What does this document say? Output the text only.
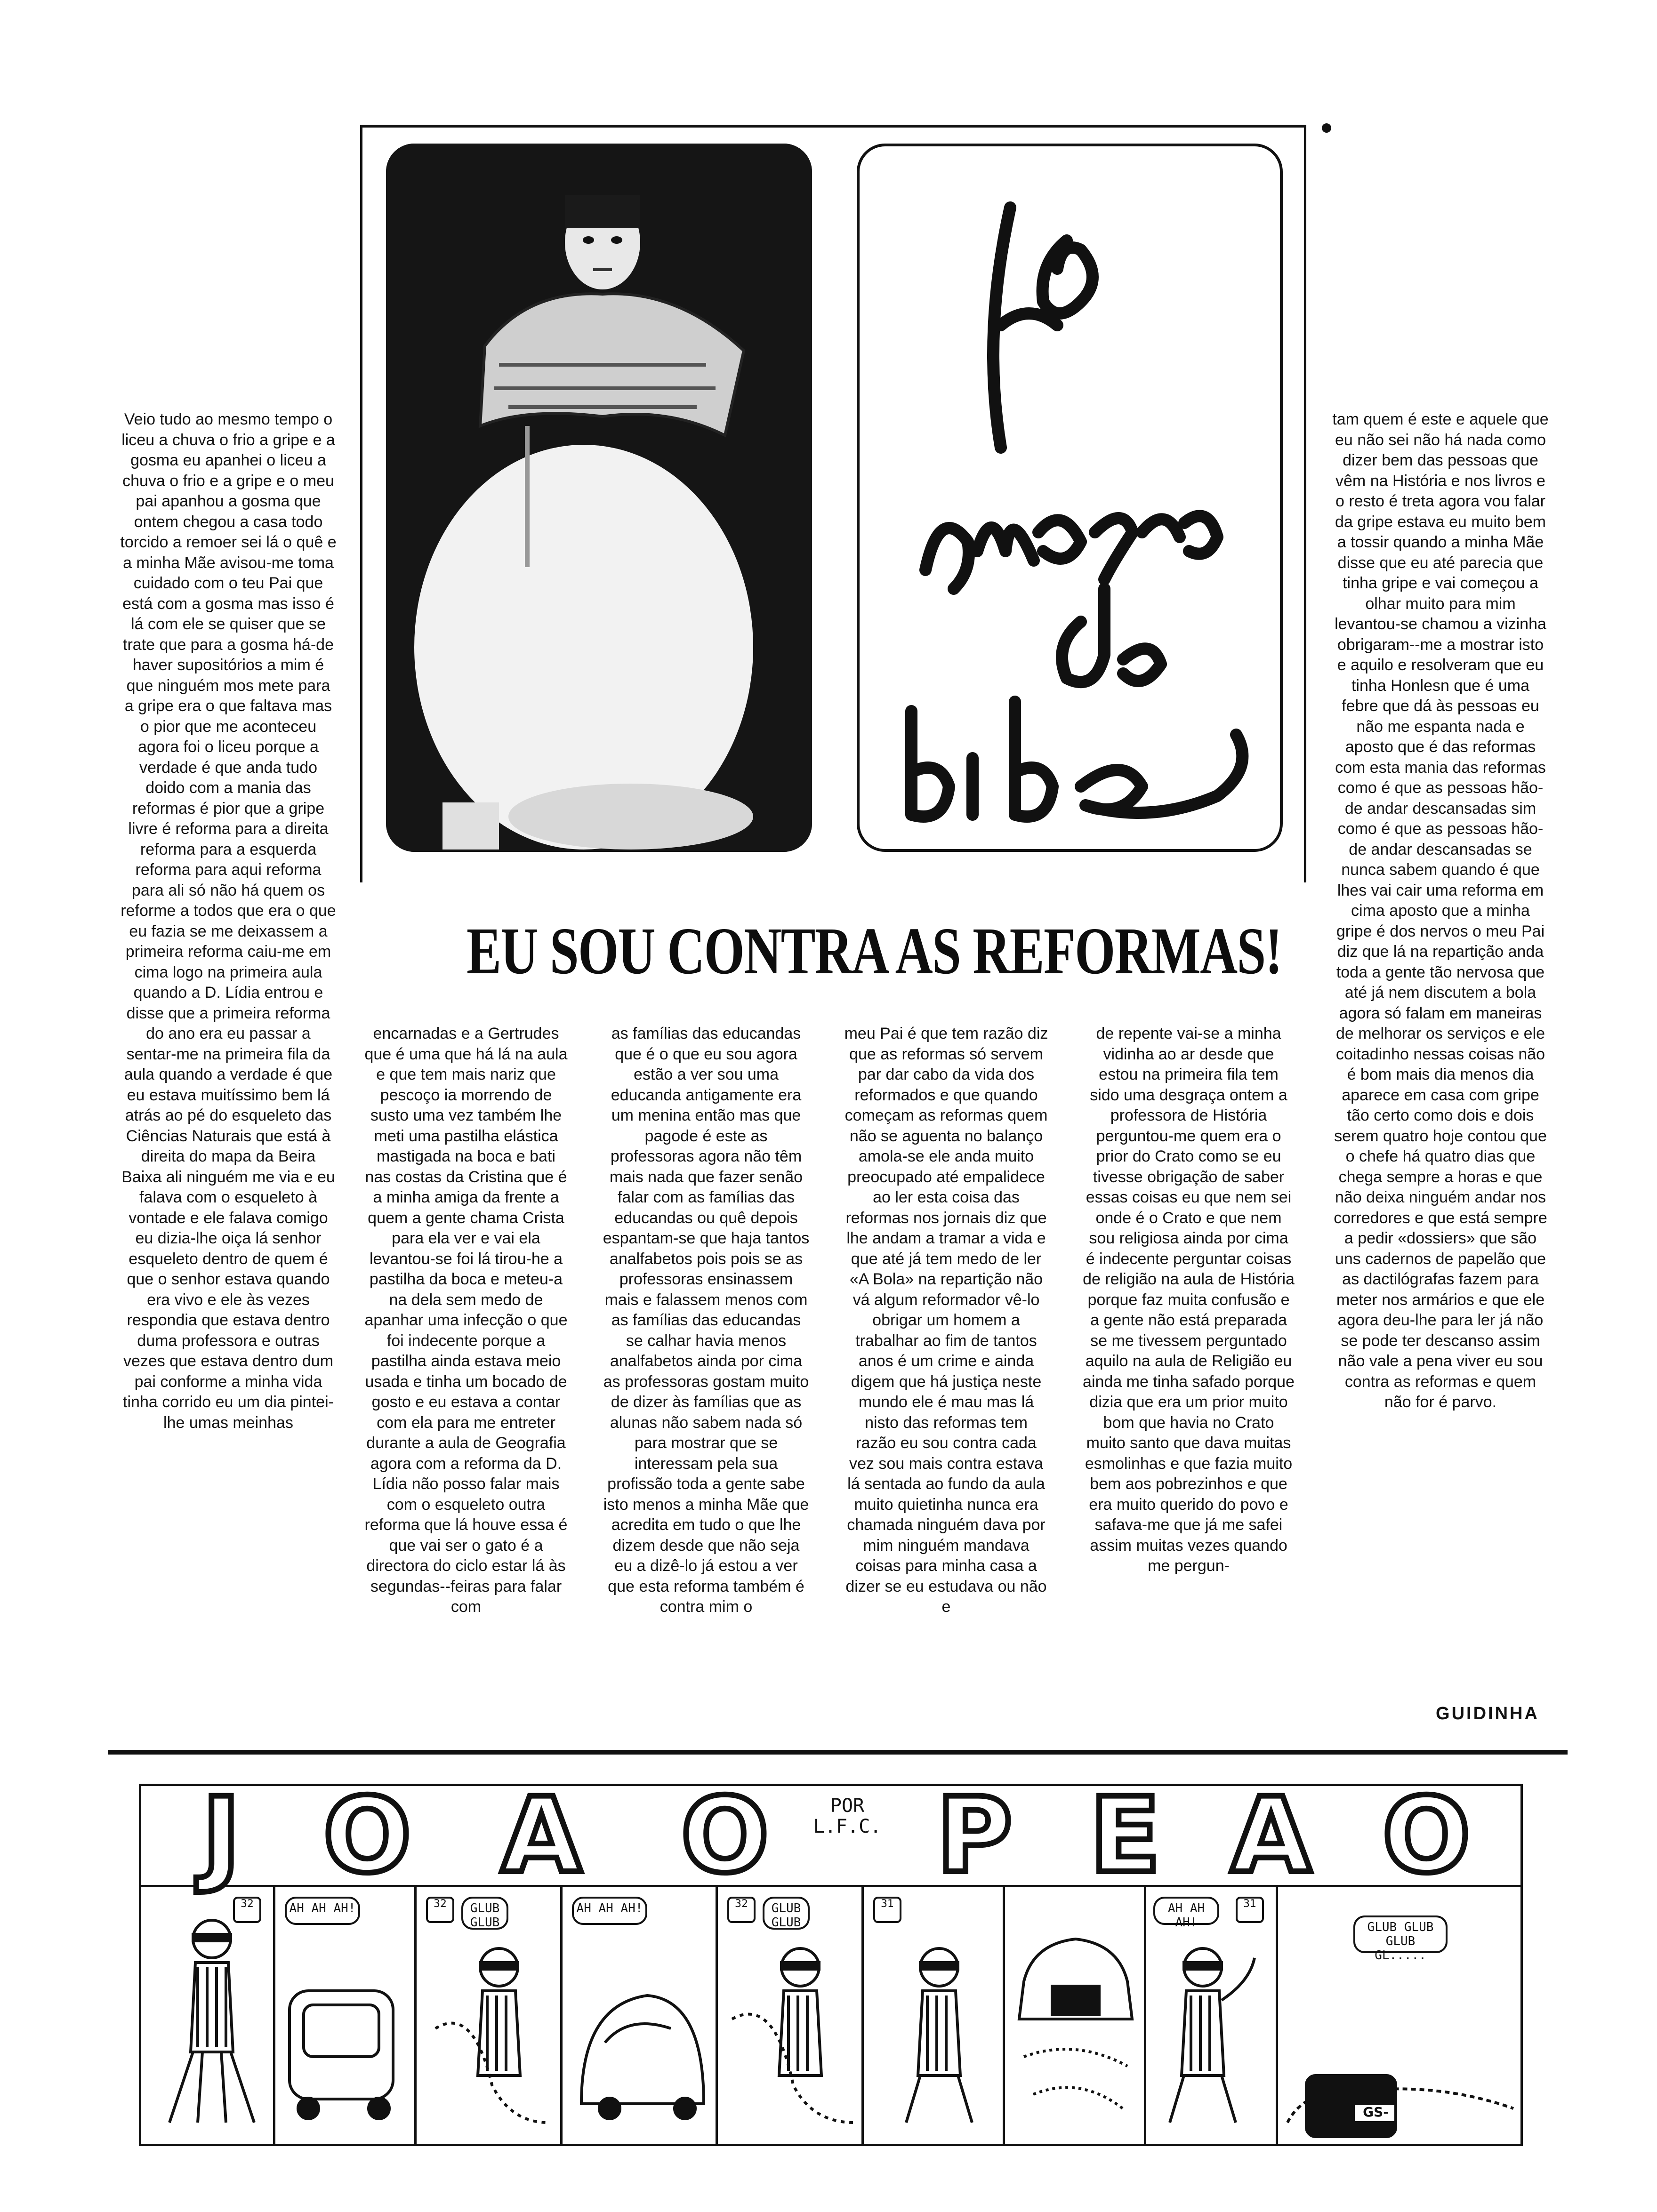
EU SOU CONTRA AS REFORMAS!

Veio tudo ao mesmo tempo o liceu a chuva o frio a gripe e a gosma eu apanhei o liceu a chuva o frio e a gripe e o meu pai apanhou a gosma que ontem chegou a casa todo torcido a remoer sei lá o quê e a minha Mãe avisou-me toma cuidado com o teu Pai que está com a gosma mas isso é lá com ele se quiser que se trate que para a gosma há-de haver supositórios a mim é que ninguém mos mete para a gripe era o que faltava mas o pior que me aconteceu agora foi o liceu porque a verdade é que anda tudo doido com a mania das reformas é pior que a gripe livre é reforma para a direita reforma para a esquerda reforma para aqui reforma para ali só não há quem os reforme a todos que era o que eu fazia se me deixassem a primeira reforma caiu-me em cima logo na primeira aula quando a D. Lídia entrou e disse que a primeira reforma do ano era eu passar a sentar-me na primeira fila da aula quando a verdade é que eu estava muitíssimo bem lá atrás ao pé do esqueleto das Ciências Naturais que está à direita do mapa da Beira Baixa ali ninguém me via e eu falava com o esqueleto à vontade e ele falava comigo eu dizia-lhe oiça lá senhor esqueleto dentro de quem é que o senhor estava quando era vivo e ele às vezes respondia que estava dentro duma professora e outras vezes que estava dentro dum pai conforme a minha vida tinha corrido eu um dia pintei-lhe umas meinhas

encarnadas e a Gertrudes que é uma que há lá na aula e que tem mais nariz que pescoço ia morrendo de susto uma vez também lhe meti uma pastilha elástica mastigada na boca e bati nas costas da Cristina que é a minha amiga da frente a quem a gente chama Crista para ela ver e vai ela levantou-se foi lá tirou-he a pastilha da boca e meteu-a na dela sem medo de apanhar uma infecção o que foi indecente porque a pastilha ainda estava meio usada e tinha um bocado de gosto e eu estava a contar com ela para me entreter durante a aula de Geografia agora com a reforma da D. Lídia não posso falar mais com o esqueleto outra reforma que lá houve essa é que vai ser o gato é a directora do ciclo estar lá às segundas--feiras para falar com

as famílias das educandas que é o que eu sou agora estão a ver sou uma educanda antigamente era um menina então mas que pagode é este as professoras agora não têm mais nada que fazer senão falar com as famílias das educandas ou quê depois espantam-se que haja tantos analfabetos pois pois se as professoras ensinassem mais e falassem menos com as famílias das educandas se calhar havia menos analfabetos ainda por cima as professoras gostam muito de dizer às famílias que as alunas não sabem nada só para mostrar que se interessam pela sua profissão toda a gente sabe isto menos a minha Mãe que acredita em tudo o que lhe dizem desde que não seja eu a dizê-lo já estou a ver que esta reforma também é contra mim o

meu Pai é que tem razão diz que as reformas só servem par dar cabo da vida dos reformados e que quando começam as reformas quem não se aguenta no balanço amola-se ele anda muito preocupado até empalidece ao ler esta coisa das reformas nos jornais diz que lhe andam a tramar a vida e que até já tem medo de ler «A Bola» na repartição não vá algum reformador vê-lo obrigar um homem a trabalhar ao fim de tantos anos é um crime e ainda digem que há justiça neste mundo ele é mau mas lá nisto das reformas tem razão eu sou contra cada vez sou mais contra estava lá sentada ao fundo da aula muito quietinha nunca era chamada ninguém dava por mim ninguém mandava coisas para minha casa a dizer se eu estudava ou não e

de repente vai-se a minha vidinha ao ar desde que estou na primeira fila tem sido uma desgraça ontem a professora de História perguntou-me quem era o prior do Crato como se eu tivesse obrigação de saber essas coisas eu que nem sei onde é o Crato e que nem sou religiosa ainda por cima é indecente perguntar coisas de religião na aula de História porque faz muita confusão e a gente não está preparada se me tivessem perguntado aquilo na aula de Religião eu ainda me tinha safado porque dizia que era um prior muito bom que havia no Crato muito santo que dava muitas esmolinhas e que fazia muito bem aos pobrezinhos e que era muito querido do povo e safava-me que já me safei assim muitas vezes quando me pergun-

tam quem é este e aquele que eu não sei não há nada como dizer bem das pessoas que vêm na História e nos livros e o resto é treta agora vou falar da gripe estava eu muito bem a tossir quando a minha Mãe disse que eu até parecia que tinha gripe e vai começou a olhar muito para mim levantou-se chamou a vizinha obrigaram--me a mostrar isto e aquilo e resolveram que eu tinha Honlesn que é uma febre que dá às pessoas eu não me espanta nada e aposto que é das reformas com esta mania das reformas como é que as pessoas hão-de andar descansadas sim como é que as pessoas hão-de andar descansadas se nunca sabem quando é que lhes vai cair uma reforma em cima aposto que a minha gripe é dos nervos o meu Pai diz que lá na repartição anda toda a gente tão nervosa que até já nem discutem a bola agora só falam em maneiras de melhorar os serviços e ele coitadinho nessas coisas não é bom mais dia menos dia aparece em casa com gripe tão certo como dois e dois serem quatro hoje contou que o chefe há quatro dias que chega sempre a horas e que não deixa ninguém andar nos corredores e que está sempre a pedir «dossiers» que são uns cadernos de papelão que as dactilógrafas fazem para meter nos armários e que ele agora deu-lhe para ler já não se pode ter descanso assim não vale a pena viver eu sou contra as reformas e quem não for é parvo.

GUIDINHA
J O A O P E A O
POR L.F.C.
32	AH AH AH!	32	GLUB GLUB
AH AH AH!	32	GLUB GLUB
31	AH AH AH!
31
GLUB GLUB GLUB GL.....
GS-
